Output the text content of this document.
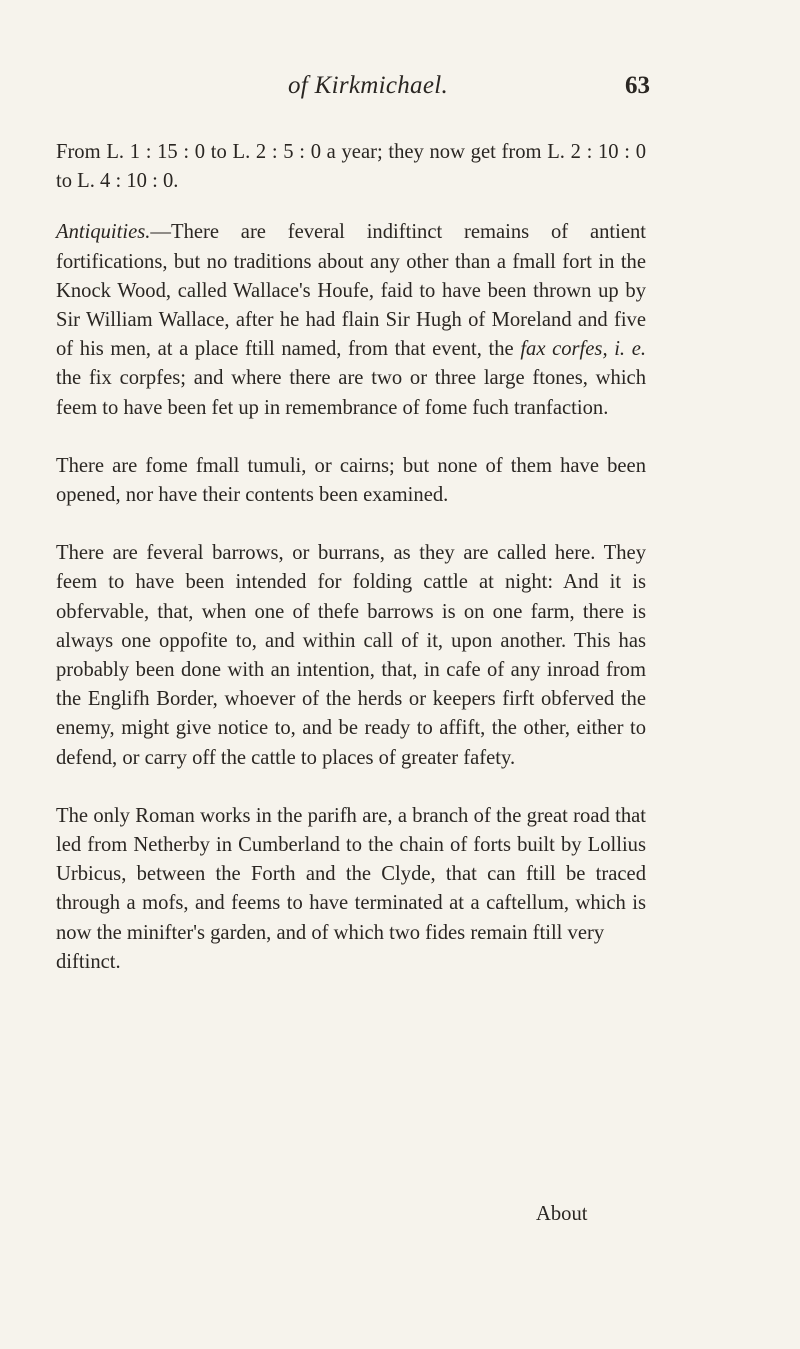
of Kirkmichael.	63

From L. 1 : 15 : 0 to L. 2 : 5 : 0 a year; they now get from L. 2 : 10 : 0 to L. 4 : 10 : 0.

Antiquities.—There are feveral indiftinct remains of antient fortifications, but no traditions about any other than a fmall fort in the Knock Wood, called Wallace's Houfe, faid to have been thrown up by Sir William Wallace, after he had flain Sir Hugh of Moreland and five of his men, at a place ftill named, from that event, the fax corfes, i. e. the fix corpfes; and where there are two or three large ftones, which feem to have been fet up in remembrance of fome fuch tranfaction.

There are fome fmall tumuli, or cairns; but none of them have been opened, nor have their contents been examined.

There are feveral barrows, or burrans, as they are called here. They feem to have been intended for folding cattle at night: And it is obfervable, that, when one of thefe barrows is on one farm, there is always one oppofite to, and within call of it, upon another. This has probably been done with an intention, that, in cafe of any inroad from the Englifh Border, whoever of the herds or keepers firft obferved the enemy, might give notice to, and be ready to affift, the other, either to defend, or carry off the cattle to places of greater fafety.

The only Roman works in the parifh are, a branch of the great road that led from Netherby in Cumberland to the chain of forts built by Lollius Urbicus, between the Forth and the Clyde, that can ftill be traced through a mofs, and feems to have terminated at a caftellum, which is now the minifter's garden, and of which two fides remain ftill very

diftinct.

About
